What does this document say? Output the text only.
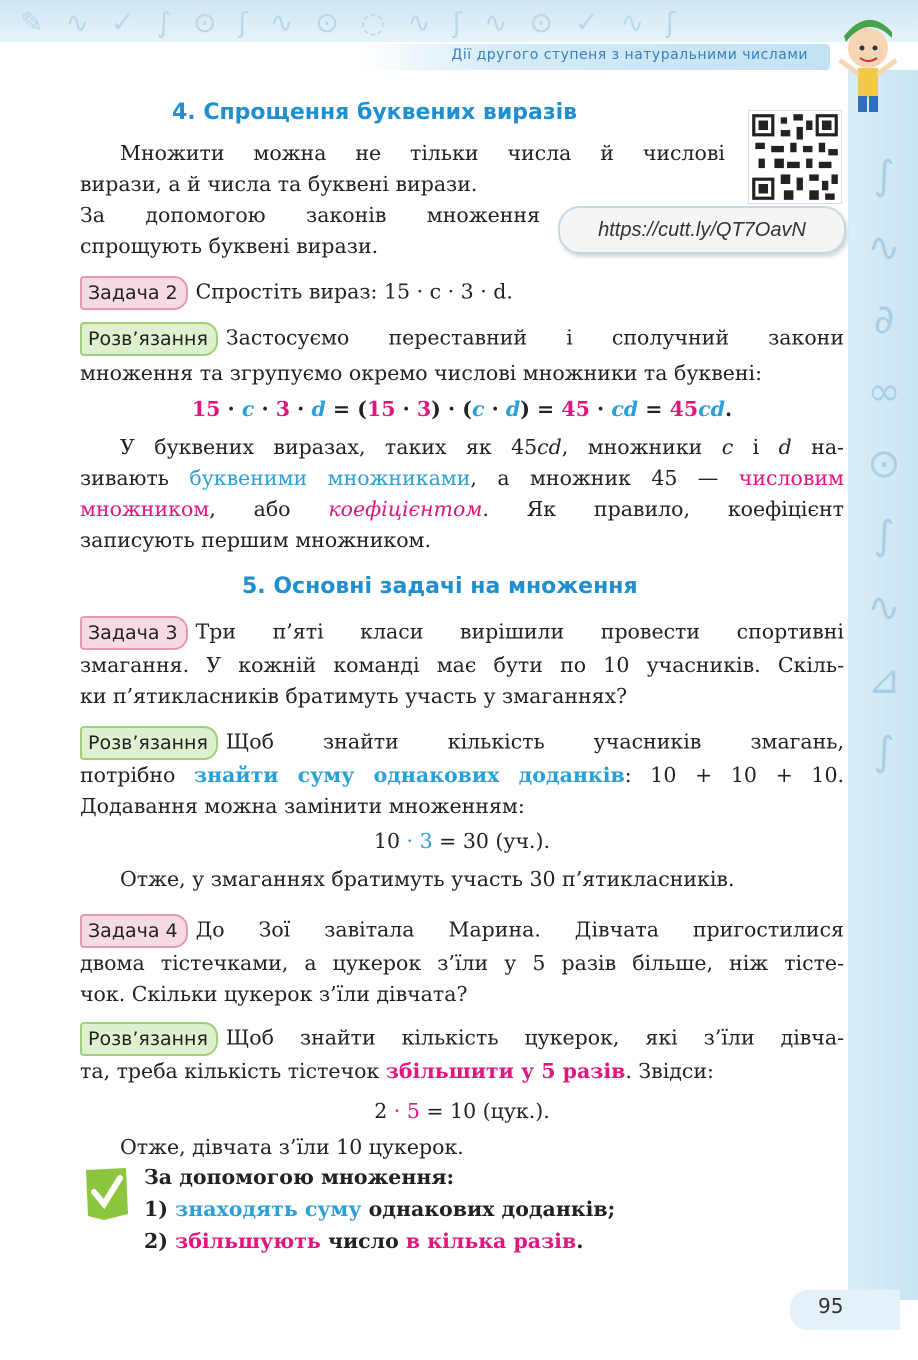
✎∿✓∫⊙ʃ∿⊙◌∿ʃ∿⊙✓∿ʃ
Дії другого ступеня з натуральними числами
∫
∿
∂
∞
⊙
∫
∿
⊿
∫
https://cutt.ly/QT7OavN
4. Спрощення буквених виразів

Множити можна не тільки числа й числові

вирази, а й числа та буквені вирази.

За допомогою законів множення

спрощують буквені вирази.

Задача 2 Спростіть вираз: 15 · c · 3 · d.

Розв’язання Застосуємо переставний і сполучний закони

множення та згрупуємо окремо числові множники та буквені:

15 · c · 3 · d = (15 · 3) · (c · d) = 45 · cd = 45cd.

У буквених виразах, таких як 45cd, множники c і d на-

зивають буквеними множниками, а множник 45 — числовим

множником, або коефіцієнтом. Як правило, коефіцієнт

записують першим множником.

5. Основні задачі на множення

Задача 3 Три п’яті класи вирішили провести спортивні

змагання. У кожній команді має бути по 10 учасників. Скіль-

ки п’ятикласників братимуть участь у змаганнях?

Розв’язання Щоб знайти кількість учасників змагань,

потрібно знайти суму однакових доданків: 10 + 10 + 10.

Додавання можна замінити множенням:

10 · 3 = 30 (уч.).

Отже, у змаганнях братимуть участь 30 п’ятикласників.

Задача 4 До Зої завітала Марина. Дівчата пригостилися

двома тістечками, а цукерок з’їли у 5 разів більше, ніж тісте-

чок. Скільки цукерок з’їли дівчата?

Розв’язання Щоб знайти кількість цукерок, які з’їли дівча-

та, треба кількість тістечок збільшити у 5 разів. Звідси:

2 · 5 = 10 (цук.).

Отже, дівчата з’їли 10 цукерок.

За допомогою множення:

1) знаходять суму однакових доданків;

2) збільшують число в кілька разів.

95
